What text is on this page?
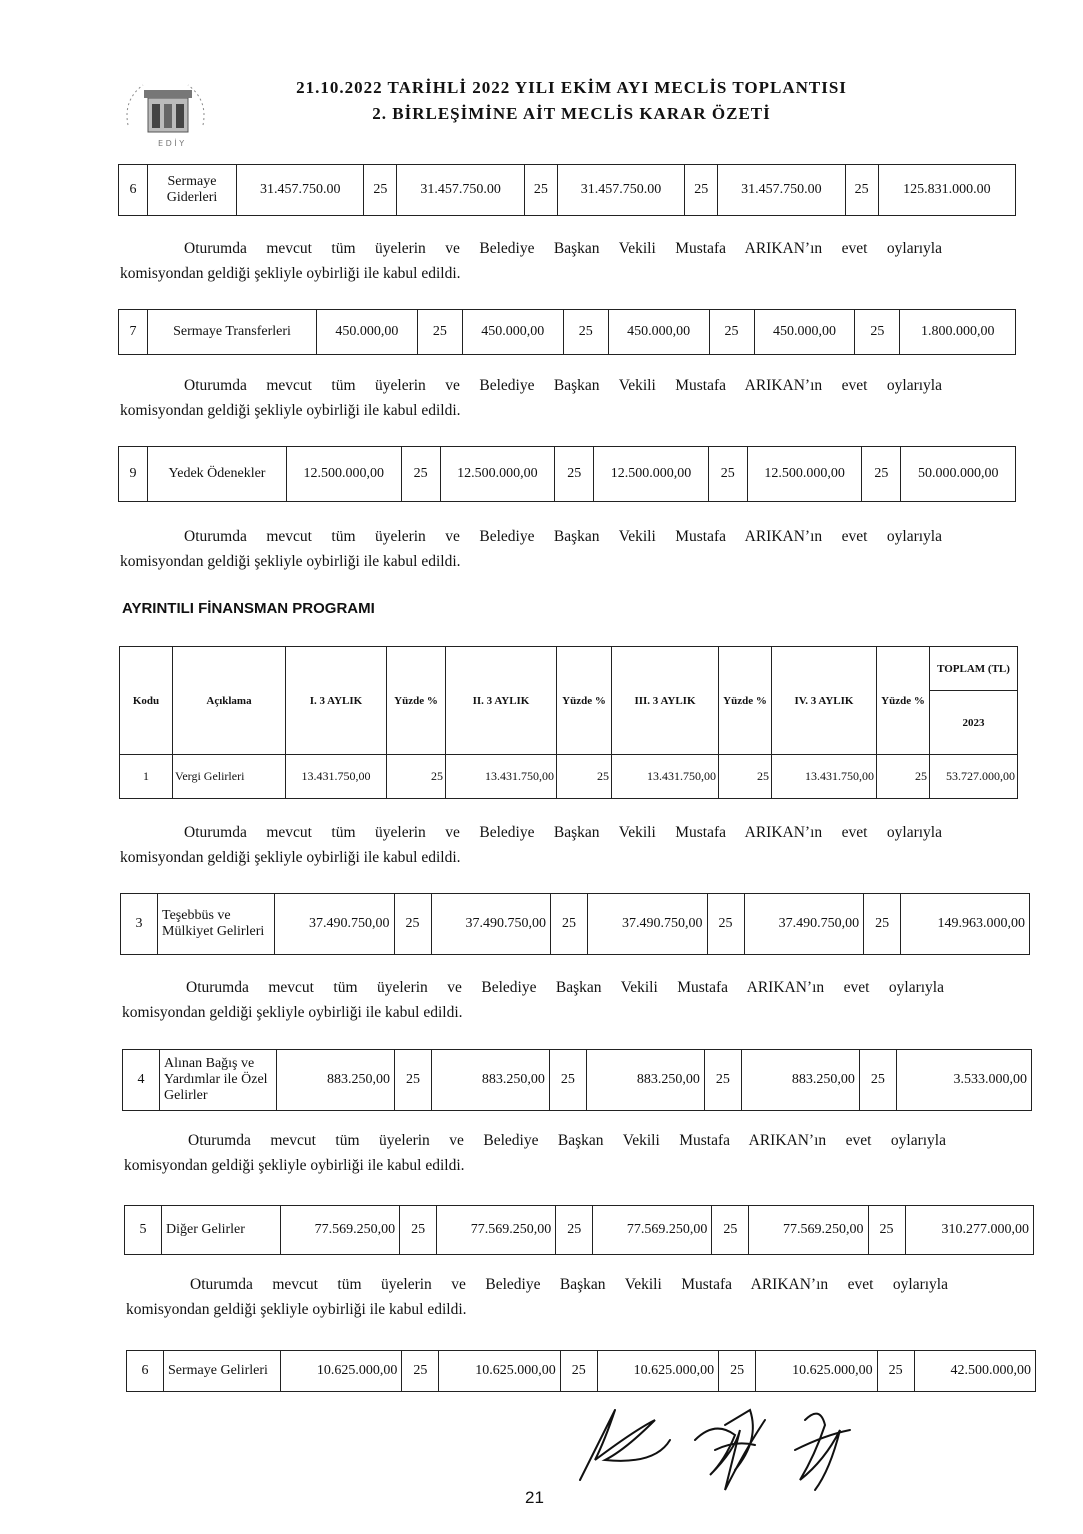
E D İ Y
21.10.2022 TARİHLİ 2022 YILI EKİM AYI MECLİS TOPLANTISI
2. BİRLEŞİMİNE AİT MECLİS KARAR ÖZETİ
6	Sermaye Giderleri	31.457.750.00	25	31.457.750.00	25	31.457.750.00	25	31.457.750.00	25	125.831.000.00
Oturumda mevcut tüm üyelerin ve Belediye Başkan Vekili Mustafa ARIKAN’ın evet oylarıyla
komisyondan geldiği şekliyle oybirliği ile kabul edildi.
7	Sermaye Transferleri	450.000,00	25	450.000,00	25	450.000,00	25	450.000,00	25	1.800.000,00
Oturumda mevcut tüm üyelerin ve Belediye Başkan Vekili Mustafa ARIKAN’ın evet oylarıyla
komisyondan geldiği şekliyle oybirliği ile kabul edildi.
9	Yedek Ödenekler	12.500.000,00	25	12.500.000,00	25	12.500.000,00	25	12.500.000,00	25	50.000.000,00
Oturumda mevcut tüm üyelerin ve Belediye Başkan Vekili Mustafa ARIKAN’ın evet oylarıyla
komisyondan geldiği şekliyle oybirliği ile kabul edildi.
AYRINTILI FİNANSMAN PROGRAMI
Kodu	Açıklama	I. 3 AYLIK	Yüzde %	II. 3 AYLIK	Yüzde %	III. 3 AYLIK	Yüzde %	IV. 3 AYLIK	Yüzde %	TOPLAM (TL)
										2023
1	Vergi Gelirleri	13.431.750,00	25	13.431.750,00	25	13.431.750,00	25	13.431.750,00	25	53.727.000,00
Oturumda mevcut tüm üyelerin ve Belediye Başkan Vekili Mustafa ARIKAN’ın evet oylarıyla
komisyondan geldiği şekliyle oybirliği ile kabul edildi.
3	Teşebbüs ve Mülkiyet Gelirleri	37.490.750,00	25	37.490.750,00	25	37.490.750,00	25	37.490.750,00	25	149.963.000,00
Oturumda mevcut tüm üyelerin ve Belediye Başkan Vekili Mustafa ARIKAN’ın evet oylarıyla
komisyondan geldiği şekliyle oybirliği ile kabul edildi.
4	Alınan Bağış ve Yardımlar ile Özel Gelirler	883.250,00	25	883.250,00	25	883.250,00	25	883.250,00	25	3.533.000,00
Oturumda mevcut tüm üyelerin ve Belediye Başkan Vekili Mustafa ARIKAN’ın evet oylarıyla
komisyondan geldiği şekliyle oybirliği ile kabul edildi.
5	Diğer Gelirler	77.569.250,00	25	77.569.250,00	25	77.569.250,00	25	77.569.250,00	25	310.277.000,00
Oturumda mevcut tüm üyelerin ve Belediye Başkan Vekili Mustafa ARIKAN’ın evet oylarıyla
komisyondan geldiği şekliyle oybirliği ile kabul edildi.
6	Sermaye Gelirleri	10.625.000,00	25	10.625.000,00	25	10.625.000,00	25	10.625.000,00	25	42.500.000,00
21
